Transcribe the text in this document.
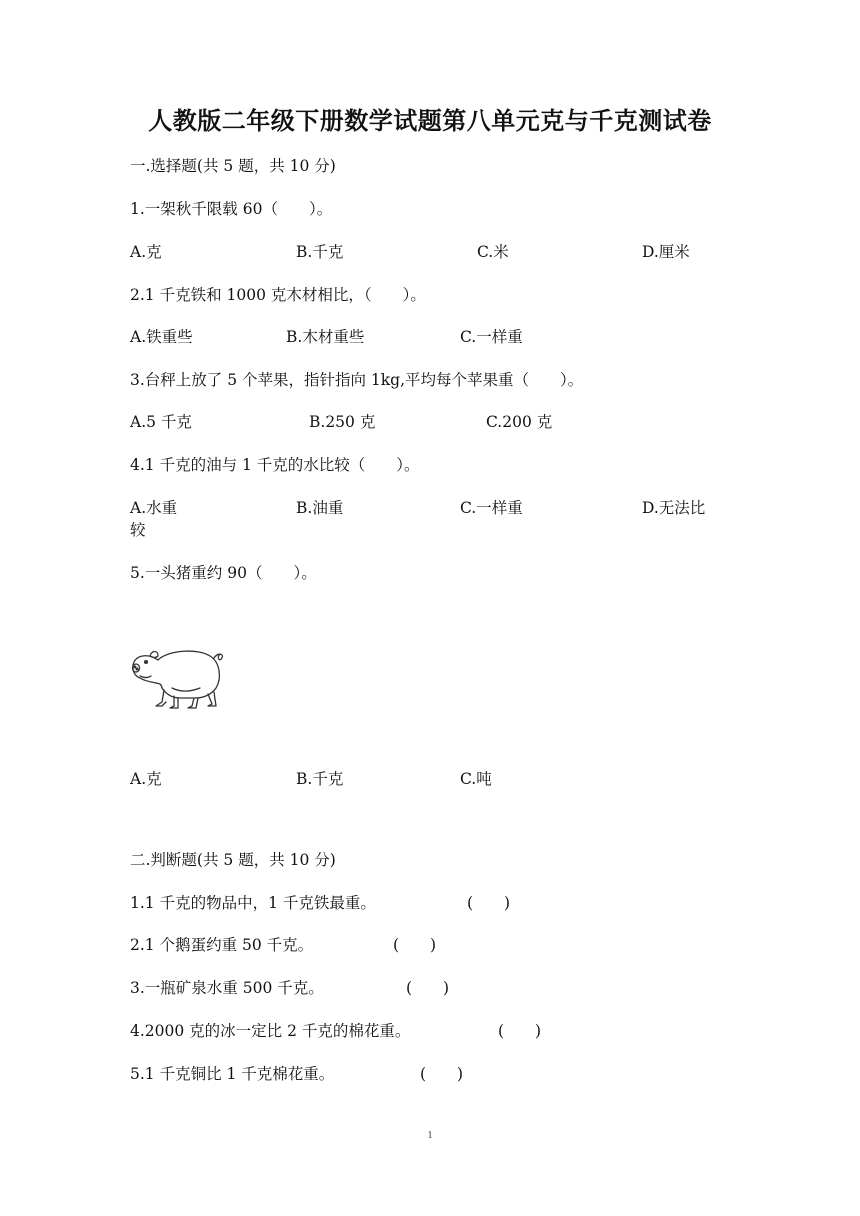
人教版二年级下册数学试题第八单元克与千克测试卷
一.选择题(共 5 题，共 10 分)
1.一架秋千限载 60（　　）。
A.克	B.千克	C.米	D.厘米
2.1 千克铁和 1000 克木材相比，（　　）。
A.铁重些	B.木材重些	C.一样重
3.台秤上放了 5 个苹果，指针指向 1kg,平均每个苹果重（　　）。
A.5 千克	B.250 克	C.200 克
4.1 千克的油与 1 千克的水比较（　　）。
A.水重	B.油重	C.一样重	D.无法比
较
5.一头猪重约 90（　　）。
A.克	B.千克	C.吨
二.判断题(共 5 题，共 10 分)
1.1 千克的物品中，1 千克铁最重。	(　　)
2.1 个鹅蛋约重 50 千克。	(　　)
3.一瓶矿泉水重 500 千克。	(　　)
4.2000 克的冰一定比 2 千克的棉花重。	(　　)
5.1 千克铜比 1 千克棉花重。	(　　)
1
